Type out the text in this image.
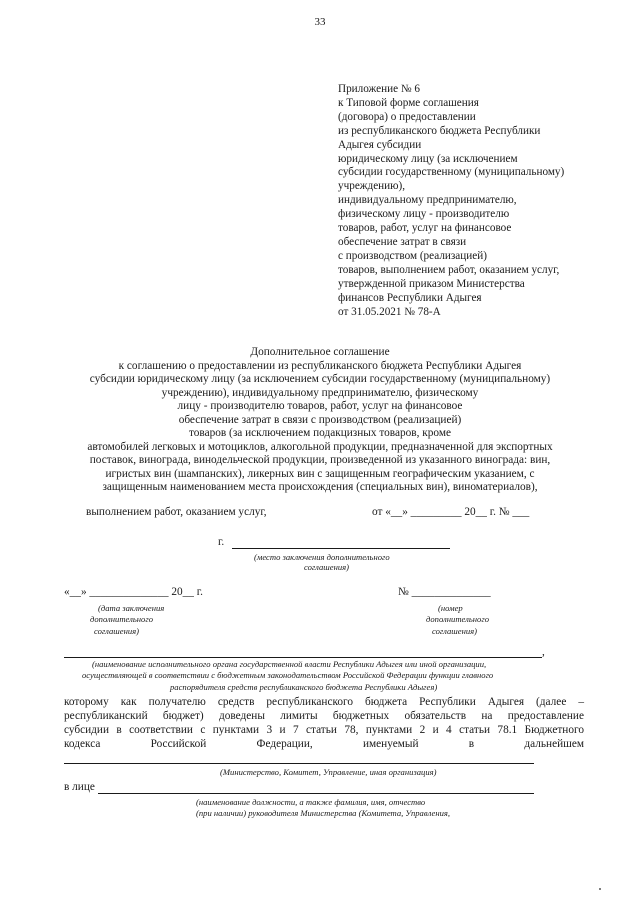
33
Приложение № 6
к Типовой форме соглашения
(договора) о предоставлении
из республиканского бюджета Республики
Адыгея субсидии
юридическому лицу (за исключением
субсидии государственному (муниципальному)
учреждению),
индивидуальному предпринимателю,
физическому лицу - производителю
товаров, работ, услуг на финансовое
обеспечение затрат в связи
с производством (реализацией)
товаров, выполнением работ, оказанием услуг,
утвержденной приказом Министерства
финансов Республики Адыгея
от 31.05.2021 № 78-А
Дополнительное соглашение
к соглашению о предоставлении из республиканского бюджета Республики Адыгея
субсидии юридическому лицу (за исключением субсидии государственному (муниципальному)
учреждению), индивидуальному предпринимателю, физическому
лицу - производителю товаров, работ, услуг на финансовое
обеспечение затрат в связи с производством (реализацией)
товаров (за исключением подакцизных товаров, кроме
автомобилей легковых и мотоциклов, алкогольной продукции, предназначенной для экспортных
поставок, винограда, винодельческой продукции, произведенной из указанного винограда: вин,
игристых вин (шампанских), ликерных вин с защищенным географическим указанием, с
защищенным наименованием места происхождения (специальных вин), виноматериалов),
выполнением работ, оказанием услуг,	от «__» _________ 20__ г. № ___
г.
(место заключения дополнительного
соглашения)
«__» ______________ 20__ г.
(дата заключения
дополнительного
соглашения)
№ ______________
(номер
дополнительного
соглашения)
,
(наименование исполнительного органа государственной власти Республики Адыгея или иной организации,
осуществляющей в соответствии с бюджетным законодательством Российской Федерации функции главного
распорядителя средств республиканского бюджета Республики Адыгея)
которому как получателю средств республиканского бюджета Республики Адыгея (далее –
республиканский бюджет) доведены лимиты бюджетных обязательств на предоставление
субсидии в соответствии с пунктами 3 и 7 статьи 78, пунктами 2 и 4 статьи 78.1 Бюджетного
кодекса Российской Федерации, именуемый в дальнейшем
(Министерство, Комитет, Управление, иная организация)
в лице
(наименование должности, а также фамилия, имя, отчество
(при наличии) руководителя Министерства (Комитета, Управления,
